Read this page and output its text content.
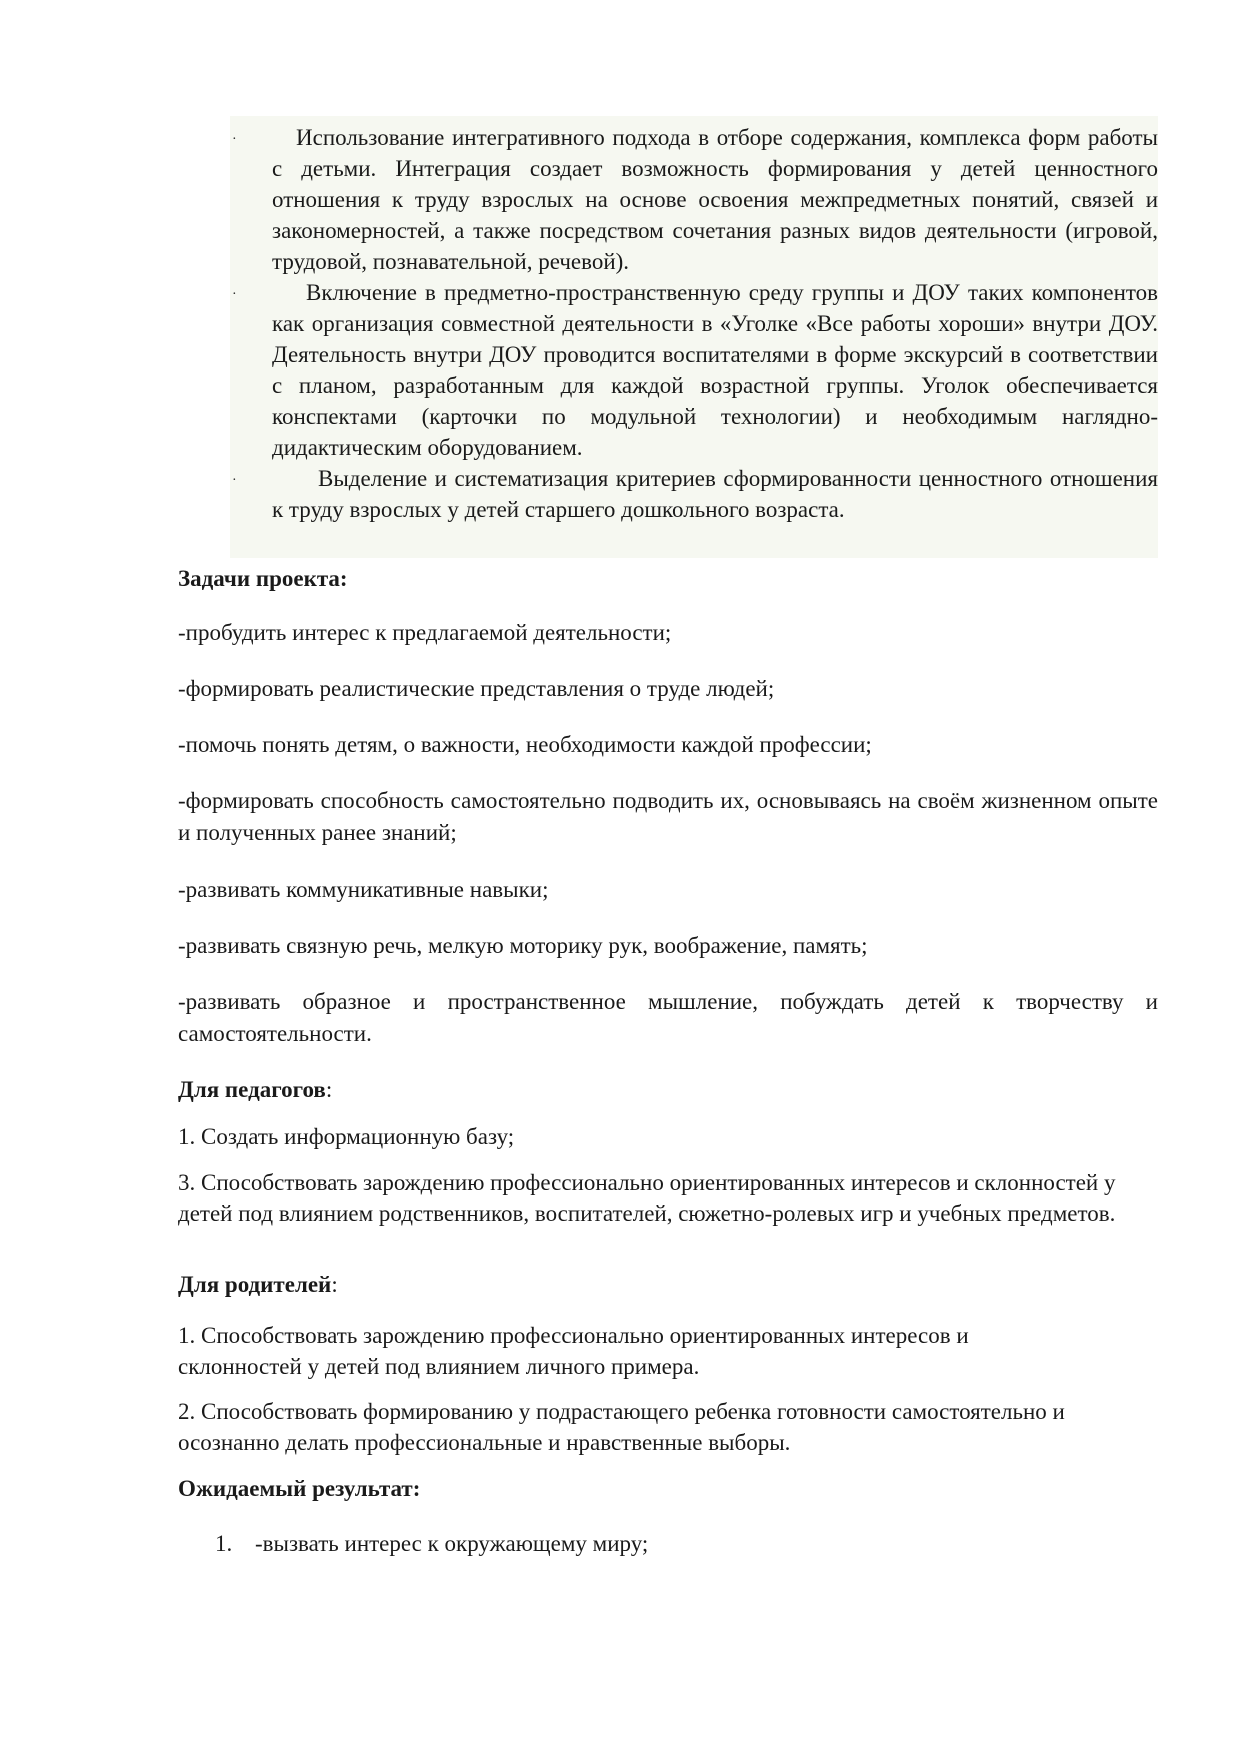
·	Использование интегративного подхода в отборе содержания, комплекса форм работы с детьми. Интеграция создает возможность формирования у детей ценностного отношения к труду взрослых на основе освоения межпредметных понятий, связей и закономерностей, а также посредством сочетания разных видов деятельности (игровой, трудовой, познавательной, речевой).
·	Включение в предметно-пространственную среду группы и ДОУ таких компонентов как организация совместной деятельности в «Уголке «Все работы хороши» внутри ДОУ. Деятельность внутри ДОУ проводится воспитателями в форме экскурсий в соответствии с планом, разработанным для каждой возрастной группы. Уголок обеспечивается конспектами (карточки по модульной технологии) и необходимым наглядно-дидактическим оборудованием.
·	Выделение и систематизация критериев сформированности ценностного отношения к труду взрослых у детей старшего дошкольного возраста.
Задачи проекта:
-пробудить интерес к предлагаемой деятельности;
-формировать реалистические представления о труде людей;
-помочь понять детям, о важности, необходимости каждой профессии;
-формировать способность самостоятельно подводить их, основываясь на своём жизненном опыте и полученных ранее знаний;
-развивать коммуникативные навыки;
-развивать связную речь, мелкую моторику рук, воображение, память;
-развивать образное и пространственное мышление, побуждать детей к творчеству и самостоятельности.
Для педагогов:
1. Создать информационную базу;
3. Способствовать зарождению профессионально ориентированных интересов и склонностей у детей под влиянием родственников, воспитателей, сюжетно-ролевых игр и учебных предметов.
Для родителей:
1. Способствовать зарождению профессионально ориентированных интересов и склонностей у детей под влиянием личного примера.
2. Способствовать формированию у подрастающего ребенка готовности самостоятельно и осознанно делать профессиональные и нравственные выборы.
Ожидаемый результат:
1. -вызвать интерес к окружающему миру;
